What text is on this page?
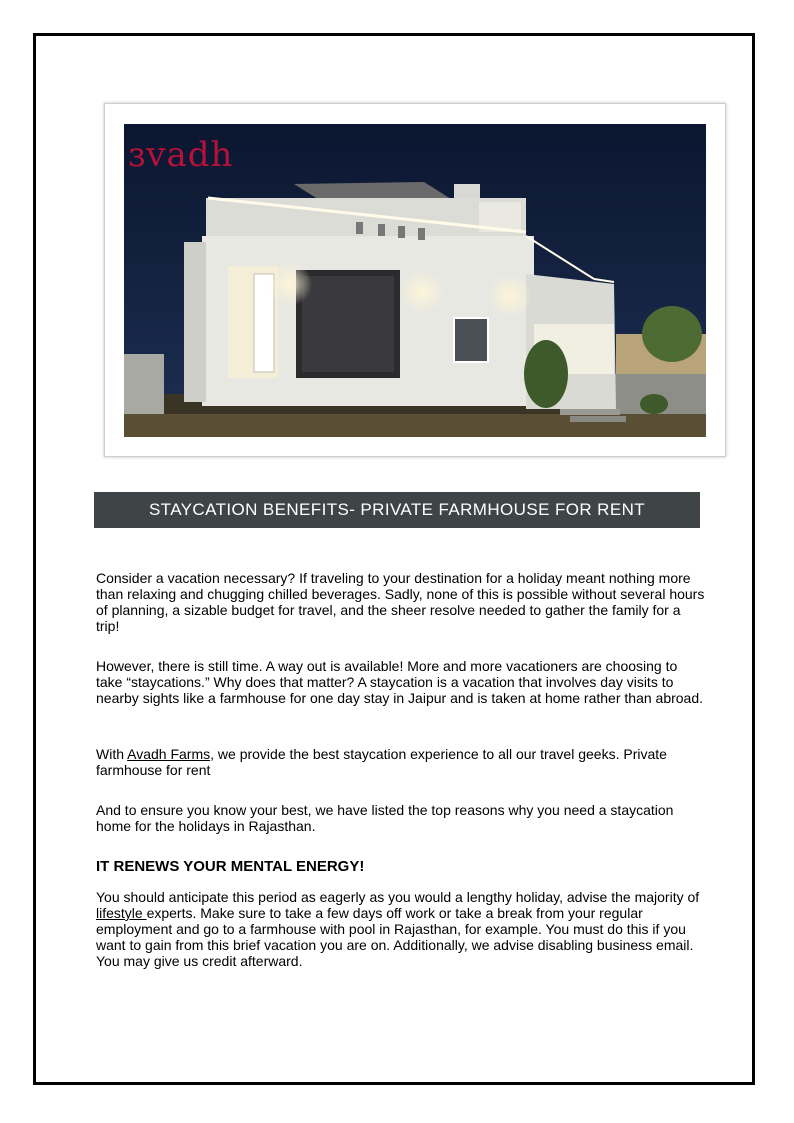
ɜvadh
STAYCATION BENEFITS- PRIVATE FARMHOUSE FOR RENT

Consider a vacation necessary? If traveling to your destination for a holiday meant nothing more than relaxing and chugging chilled beverages. Sadly, none of this is possible without several hours of planning, a sizable budget for travel, and the sheer resolve needed to gather the family for a trip!

However, there is still time. A way out is available! More and more vacationers are choosing to take “staycations.” Why does that matter? A staycation is a vacation that involves day visits to nearby sights like a farmhouse for one day stay in Jaipur and is taken at home rather than abroad.

With Avadh Farms, we provide the best staycation experience to all our travel geeks. Private farmhouse for rent

And to ensure you know your best, we have listed the top reasons why you need a staycation home for the holidays in Rajasthan.

IT RENEWS YOUR MENTAL ENERGY!

You should anticipate this period as eagerly as you would a lengthy holiday, advise the majority of lifestyle experts. Make sure to take a few days off work or take a break from your regular employment and go to a farmhouse with pool in Rajasthan, for example. You must do this if you want to gain from this brief vacation you are on. Additionally, we advise disabling business email. You may give us credit afterward.
